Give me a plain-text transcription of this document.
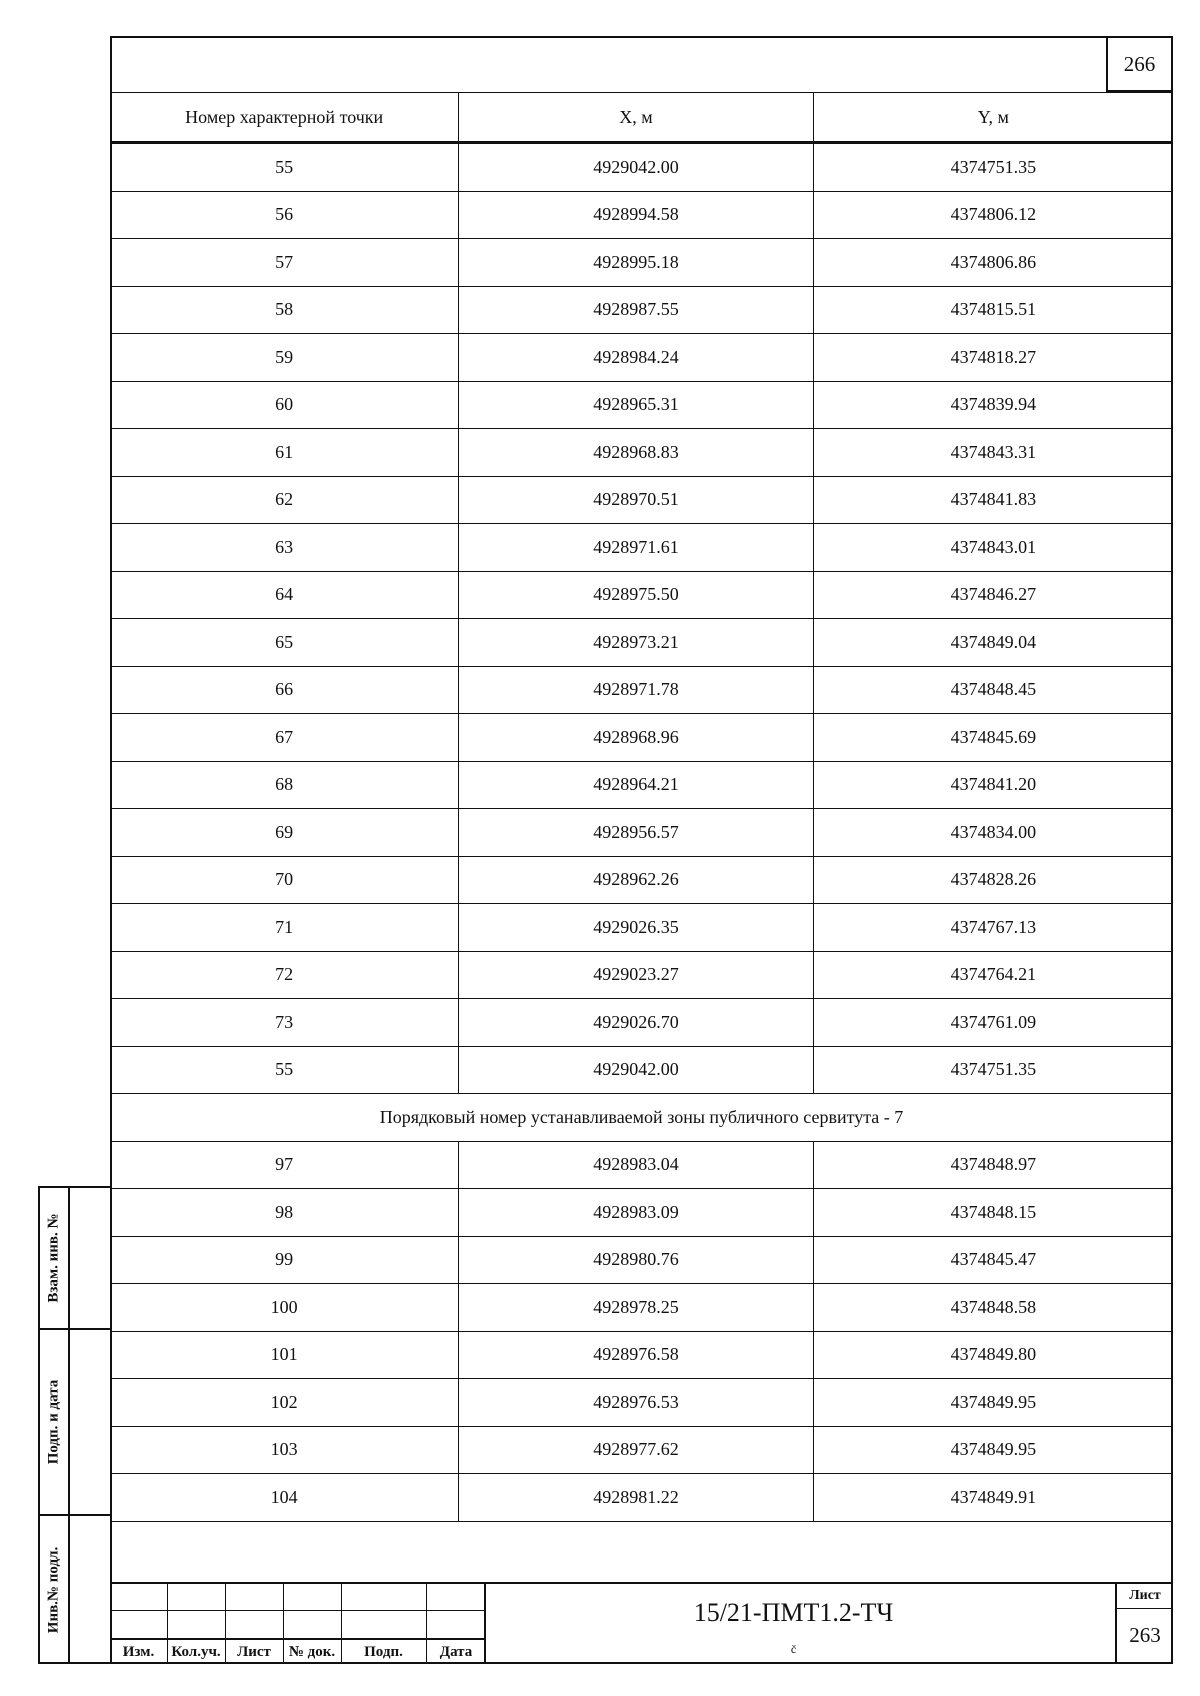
266
Номер характерной точки	X, м	Y, м
55	4929042.00	4374751.35
56	4928994.58	4374806.12
57	4928995.18	4374806.86
58	4928987.55	4374815.51
59	4928984.24	4374818.27
60	4928965.31	4374839.94
61	4928968.83	4374843.31
62	4928970.51	4374841.83
63	4928971.61	4374843.01
64	4928975.50	4374846.27
65	4928973.21	4374849.04
66	4928971.78	4374848.45
67	4928968.96	4374845.69
68	4928964.21	4374841.20
69	4928956.57	4374834.00
70	4928962.26	4374828.26
71	4929026.35	4374767.13
72	4929023.27	4374764.21
73	4929026.70	4374761.09
55	4929042.00	4374751.35
Порядковый номер устанавливаемой зоны публичного сервитута - 7		
97	4928983.04	4374848.97
98	4928983.09	4374848.15
99	4928980.76	4374845.47
100	4928978.25	4374848.58
101	4928976.58	4374849.80
102	4928976.53	4374849.95
103	4928977.62	4374849.95
104	4928981.22	4374849.91
Взам. инв. №
Подп. и дата
Инв.№ подл.
Изм.	Кол.уч.	Лист	№ док.	Подп.	Дата
15/21-ПМТ1.2-ТЧ
č
Лист
263
